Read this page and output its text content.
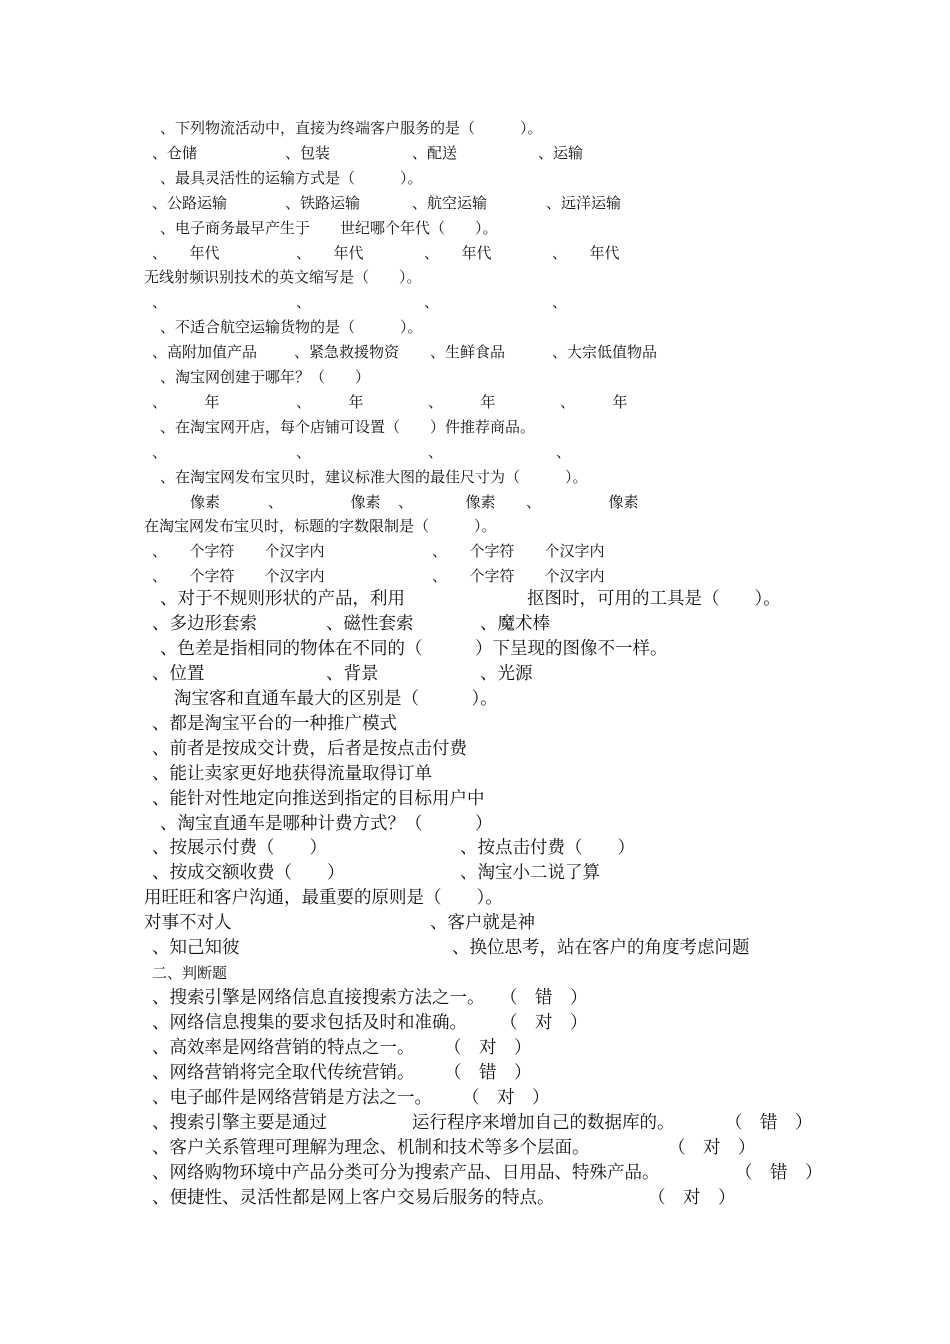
、下列物流活动中，直接为终端客户服务的是（　　　）。
、仓储	、包装	、配送	、运输
、最具灵活性的运输方式是（　　　）。
、公路运输	、铁路运输	、航空运输	、远洋运输
、电子商务最早产生于　　世纪哪个年代（　　）。
、　　年代	、　　年代	、　　年代	、　　年代
无线射频识别技术的英文缩写是（　　）。
、	、	、	、
、不适合航空运输货物的是（　　　）。
、高附加值产品 、紧急救援物资 、生鲜食品	、大宗低值物品
、淘宝网创建于哪年？（　　）
、　　　年	、　　　年	、　　　年	、　　　年
、在淘宝网开店，每个店铺可设置（　　）件推荐商品。
、	、	、	、
、在淘宝网发布宝贝时，建议标准大图的最佳尺寸为（　　　）。
像素	、　　　　　像素 、　　　　像素 、　　　　　像素
在淘宝网发布宝贝时，标题的字数限制是（　　　）。
、　　个字符　　个汉字内	、　　个字符　　个汉字内
、　　个字符　　个汉字内	、　　个字符　　个汉字内
、对于不规则形状的产品，利用	抠图时，可用的工具是（　　）。
、多边形套索	、磁性套索	、魔术棒
、色差是指相同的物体在不同的（　　　）下呈现的图像不一样。
、位置	、背景	、光源
淘宝客和直通车最大的区别是（　　　）。
、都是淘宝平台的一种推广模式
、前者是按成交计费，后者是按点击付费
、能让卖家更好地获得流量取得订单
、能针对性地定向推送到指定的目标用户中
、淘宝直通车是哪种计费方式？（　　　）
、按展示付费（　　）	、按点击付费（　　）
、按成交额收费（　　）	、淘宝小二说了算
用旺旺和客户沟通，最重要的原则是（　　）。
对事不对人	、客户就是神
、知己知彼	、换位思考，站在客户的角度考虑问题
二、判断题
、搜索引擎是网络信息直接搜索方法之一。 （　错　）
、网络信息搜集的要求包括及时和准确。 （　对　）
、高效率是网络营销的特点之一。 （　对　）
、网络营销将完全取代传统营销。 （　错　）
、电子邮件是网络营销是方法之一。 （　对　）
、搜索引擎主要是通过	运行程序来增加自己的数据库的。	（　错　）
、客户关系管理可理解为理念、机制和技术等多个层面。	（　对　）
、网络购物环境中产品分类可分为搜索产品、日用品、特殊产品。	（　错　）
、便捷性、灵活性都是网上客户交易后服务的特点。	（　对　）
